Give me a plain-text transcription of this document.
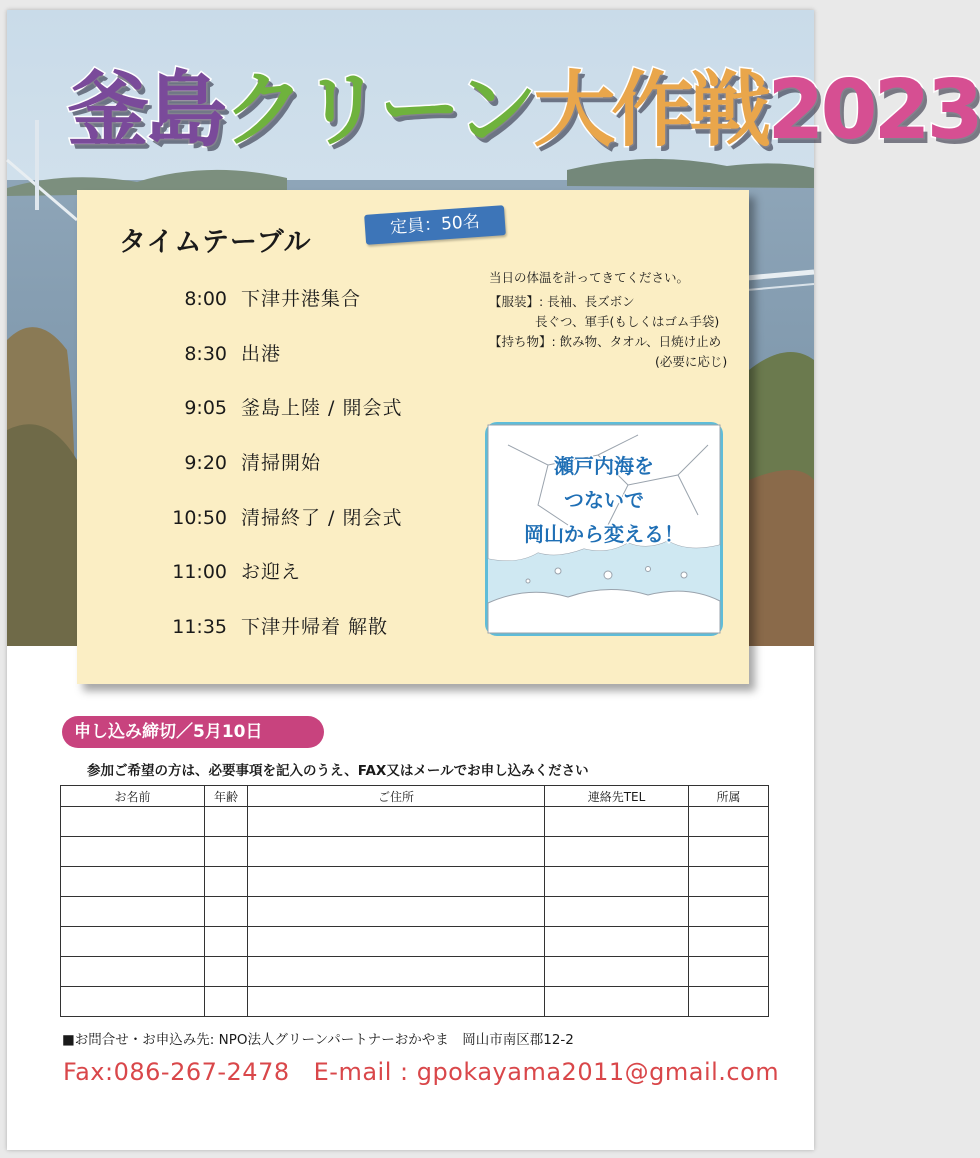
釜島クリーン大作戦2023
タイムテーブル
定員：50名
8:00 下津井港集合
8:30 出港
9:05 釜島上陸 / 開会式
9:20 清掃開始
10:50 清掃終了 / 閉会式
11:00 お迎え
11:35 下津井帰着 解散
当日の体温を計ってきてください。
【服装】: 長袖、長ズボン
長ぐつ、軍手(もしくはゴム手袋)
【持ち物】: 飲み物、タオル、日焼け止め
(必要に応じ)
瀬戸内海を
つないで
岡山から変える！
申し込み締切／5月10日
参加ご希望の方は、必要事項を記入のうえ、FAX又はメールでお申し込みください
お名前	年齢	ご住所	連絡先TEL	所属

■お問合せ・お申込み先: NPO法人グリーンパートナーおかやま　岡山市南区郡12-2
Fax:086-267-2478 E-mail : gpokayama2011@gmail.com
